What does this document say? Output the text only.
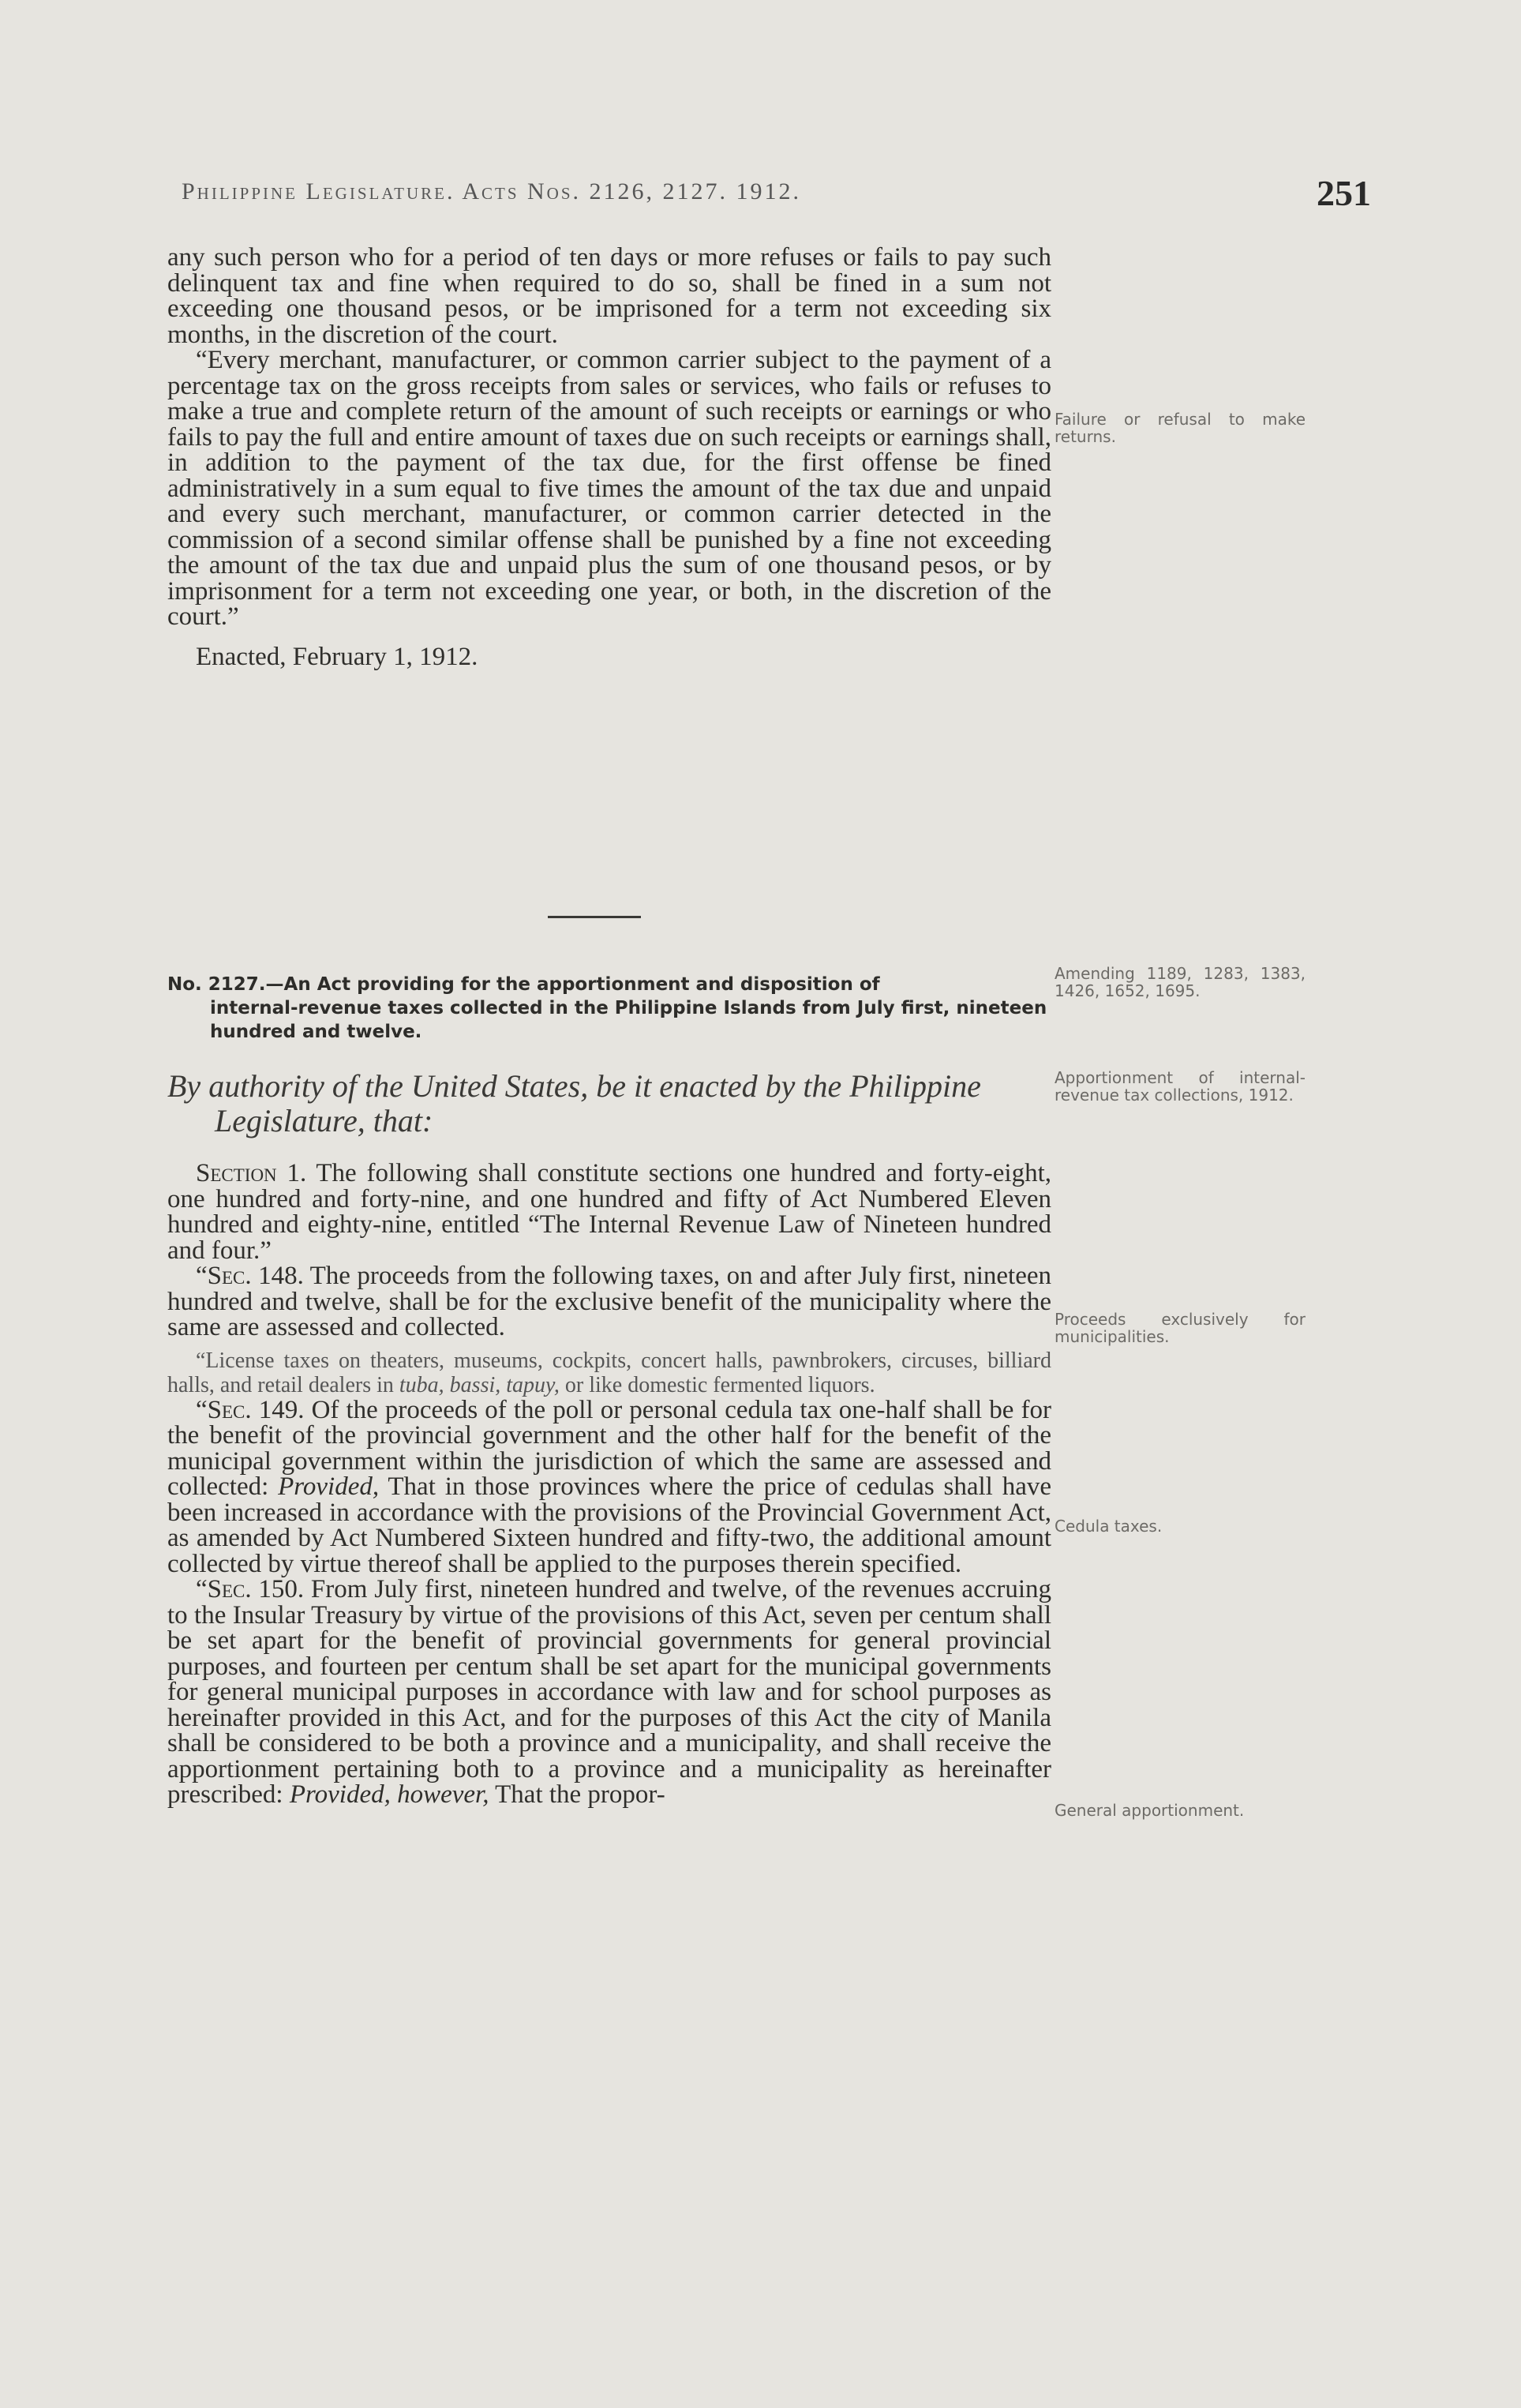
Philippine Legislature. Acts Nos. 2126, 2127. 1912.	251

any such person who for a period of ten days or more refuses or fails to pay such delinquent tax and fine when required to do so, shall be fined in a sum not exceeding one thousand pesos, or be imprisoned for a term not exceeding six months, in the discretion of the court.

“Every merchant, manufacturer, or common carrier subject to the payment of a percentage tax on the gross receipts from sales or services, who fails or refuses to make a true and complete return of the amount of such receipts or earnings or who fails to pay the full and entire amount of taxes due on such receipts or earnings shall, in addition to the payment of the tax due, for the first offense be fined administratively in a sum equal to five times the amount of the tax due and unpaid and every such merchant, manufacturer, or common carrier detected in the commission of a second similar offense shall be punished by a fine not exceeding the amount of the tax due and unpaid plus the sum of one thousand pesos, or by imprisonment for a term not exceeding one year, or both, in the discretion of the court.”

Enacted, February 1, 1912.

Failure or refusal to make returns.

No. 2127.—An Act providing for the apportionment and disposition of
internal-revenue taxes collected in the Philippine Islands from July first, nineteen hundred and twelve.

Amending 1189, 1283, 1383, 1426, 1652, 1695.

By authority of the United States, be it enacted by the Philippine
Legislature, that:

Apportionment of internal-revenue tax collections, 1912.

Section 1. The following shall constitute sections one hundred and forty-eight, one hundred and forty-nine, and one hundred and fifty of Act Numbered Eleven hundred and eighty-nine, entitled “The Internal Revenue Law of Nineteen hundred and four.”

“Sec. 148. The proceeds from the following taxes, on and after July first, nineteen hundred and twelve, shall be for the exclusive benefit of the municipality where the same are assessed and collected.

“License taxes on theaters, museums, cockpits, concert halls, pawnbrokers, circuses, billiard halls, and retail dealers in tuba, bassi, tapuy, or like domestic fermented liquors.

“Sec. 149. Of the proceeds of the poll or personal cedula tax one-half shall be for the benefit of the provincial government and the other half for the benefit of the municipal government within the jurisdiction of which the same are assessed and collected: Provided, That in those provinces where the price of cedulas shall have been increased in accordance with the provisions of the Provincial Government Act, as amended by Act Numbered Sixteen hundred and fifty-two, the additional amount collected by virtue thereof shall be applied to the purposes therein specified.

“Sec. 150. From July first, nineteen hundred and twelve, of the revenues accruing to the Insular Treasury by virtue of the provisions of this Act, seven per centum shall be set apart for the benefit of provincial governments for general provincial purposes, and fourteen per centum shall be set apart for the municipal governments for general municipal purposes in accordance with law and for school purposes as hereinafter provided in this Act, and for the purposes of this Act the city of Manila shall be considered to be both a province and a municipality, and shall receive the apportionment pertaining both to a province and a municipality as hereinafter prescribed: Provided, however, That the propor-

Proceeds exclusively for municipalities.
Cedula taxes.
General apportionment.
